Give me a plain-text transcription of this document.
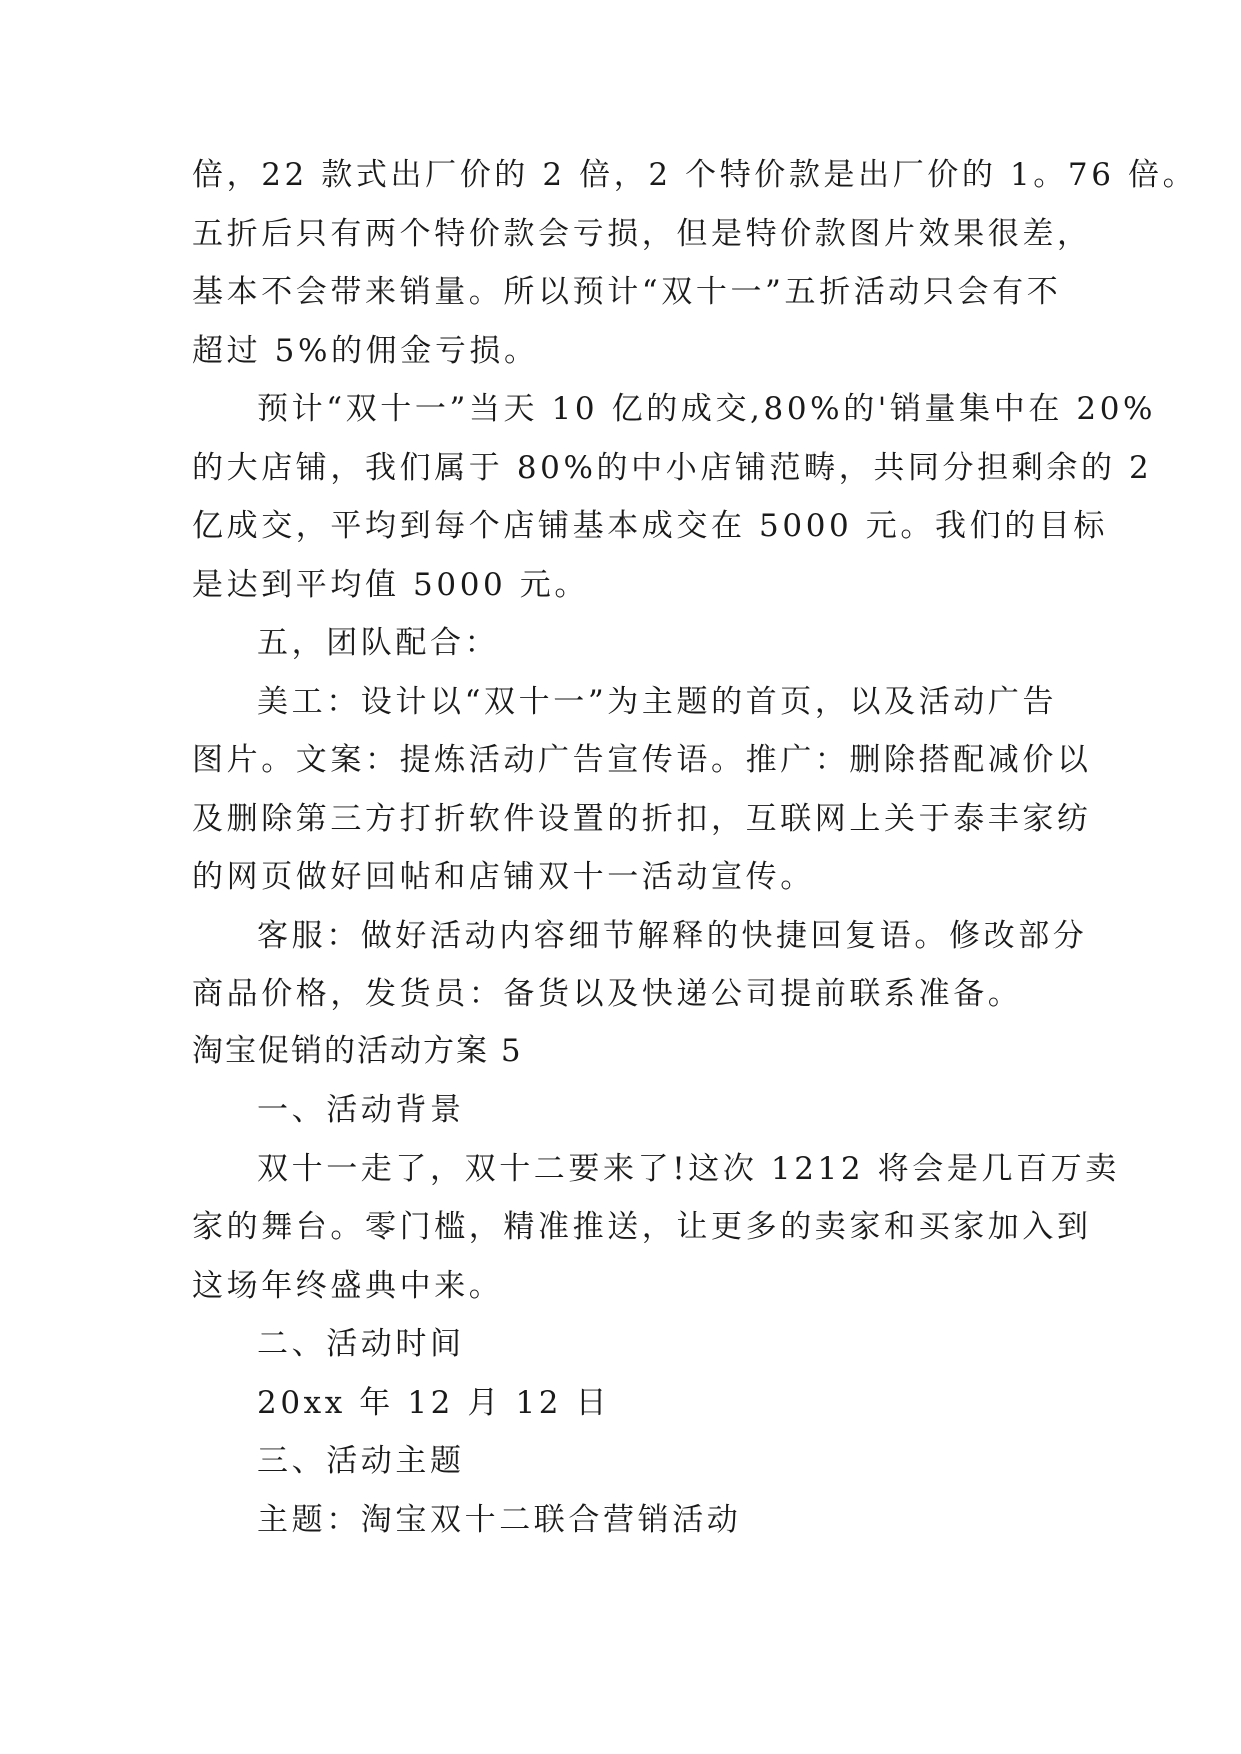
倍，22 款式出厂价的 2 倍，2 个特价款是出厂价的 1。76 倍。

五折后只有两个特价款会亏损，但是特价款图片效果很差，

基本不会带来销量。所以预计“双十一”五折活动只会有不

超过 5%的佣金亏损。

预计“双十一”当天 10 亿的成交,80%的'销量集中在 20%

的大店铺，我们属于 80%的中小店铺范畴，共同分担剩余的 2

亿成交，平均到每个店铺基本成交在 5000 元。我们的目标

是达到平均值 5000 元。

五，团队配合：

美工：设计以“双十一”为主题的首页，以及活动广告

图片。文案：提炼活动广告宣传语。推广：删除搭配减价以

及删除第三方打折软件设置的折扣，互联网上关于泰丰家纺

的网页做好回帖和店铺双十一活动宣传。

客服：做好活动内容细节解释的快捷回复语。修改部分

商品价格，发货员：备货以及快递公司提前联系准备。

淘宝促销的活动方案 5

一、活动背景

双十一走了，双十二要来了!这次 1212 将会是几百万卖

家的舞台。零门槛，精准推送，让更多的卖家和买家加入到

这场年终盛典中来。

二、活动时间

20xx 年 12 月 12 日

三、活动主题

主题：淘宝双十二联合营销活动
